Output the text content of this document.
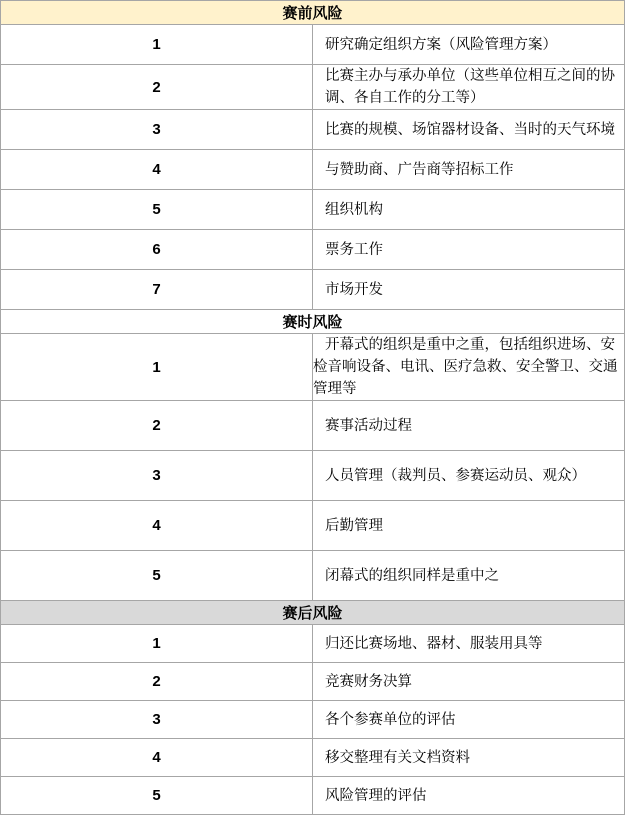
赛前风险	
1	研究确定组织方案（风险管理方案）
2	比赛主办与承办单位（这些单位相互之间的协调、各自工作的分工等）
3	比赛的规模、场馆器材设备、当时的天气环境
4	与赞助商、广告商等招标工作
5	组织机构
6	票务工作
7	市场开发
赛时风险	
1	开幕式的组织是重中之重，包括组织进场、安检音响设备、电讯、医疗急救、安全警卫、交通管理等
2	赛事活动过程
3	人员管理（裁判员、参赛运动员、观众）
4	后勤管理
5	闭幕式的组织同样是重中之
赛后风险	
1	归还比赛场地、器材、服装用具等
2	竞赛财务决算
3	各个参赛单位的评估
4	移交整理有关文档资料
5	风险管理的评估
